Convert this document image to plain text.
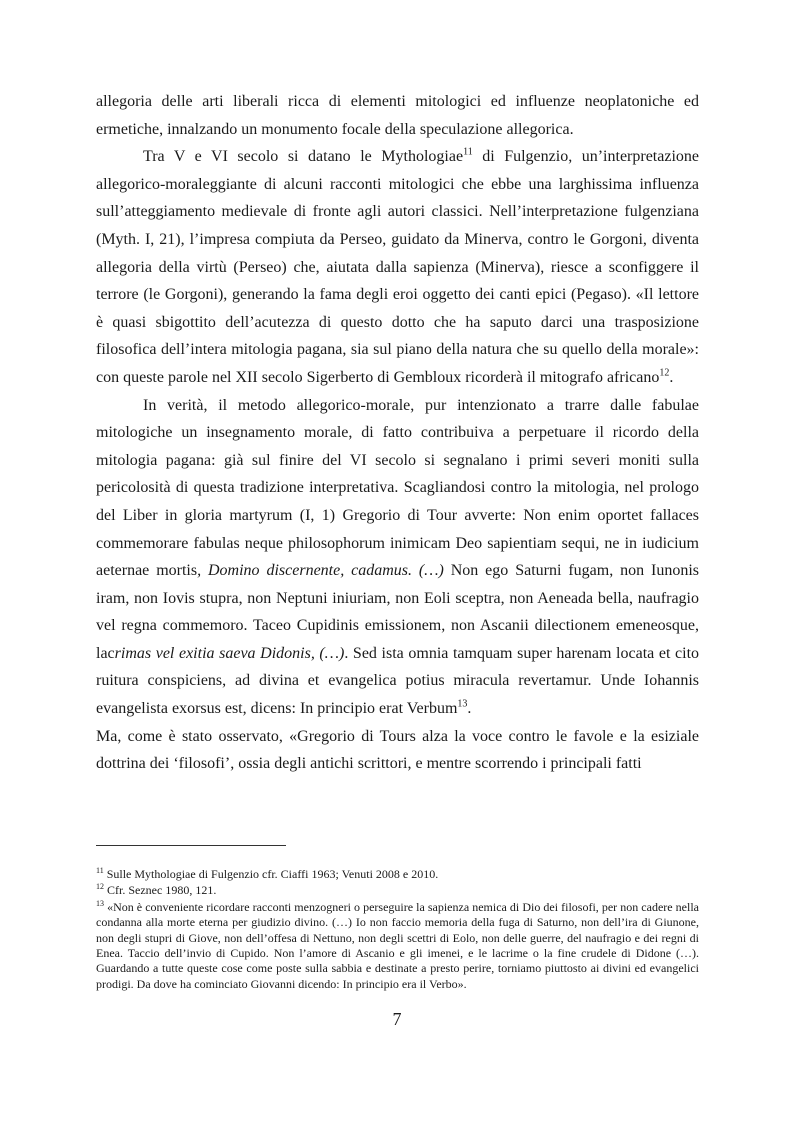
allegoria delle arti liberali ricca di elementi mitologici ed influenze neoplatoniche ed ermetiche, innalzando un monumento focale della speculazione allegorica.

Tra V e VI secolo si datano le Mythologiae$^{11}$ di Fulgenzio, un’interpretazione allegorico-moraleggiante di alcuni racconti mitologici che ebbe una larghissima influenza sull’atteggiamento medievale di fronte agli autori classici. Nell’interpretazione fulgenziana (Myth. I, 21), l’impresa compiuta da Perseo, guidato da Minerva, contro le Gorgoni, diventa allegoria della virtù (Perseo) che, aiutata dalla sapienza (Minerva), riesce a sconfiggere il terrore (le Gorgoni), generando la fama degli eroi oggetto dei canti epici (Pegaso). «Il lettore è quasi sbigottito dell’acutezza di questo dotto che ha saputo darci una trasposizione filosofica dell’intera mitologia pagana, sia sul piano della natura che su quello della morale»: con queste parole nel XII secolo Sigerberto di Gembloux ricorderà il mitografo africano$^{12}$.

In verità, il metodo allegorico-morale, pur intenzionato a trarre dalle fabulae mitologiche un insegnamento morale, di fatto contribuiva a perpetuare il ricordo della mitologia pagana: già sul finire del VI secolo si segnalano i primi severi moniti sulla pericolosità di questa tradizione interpretativa. Scagliandosi contro la mitologia, nel prologo del Liber in gloria martyrum (I, 1) Gregorio di Tour avverte: Non enim oportet fallaces commemorare fabulas neque philosophorum inimicam Deo sapientiam sequi, ne in iudicium aeternae mortis, Domino discernente, cadamus. (…) Non ego Saturni fugam, non Iunonis iram, non Iovis stupra, non Neptuni iniuriam, non Eoli sceptra, non Aeneada bella, naufragio vel regna commemoro. Taceo Cupidinis emissionem, non Ascanii dilectionem emeneosque, lacrimas vel exitia saeva Didonis, (…). Sed ista omnia tamquam super harenam locata et cito ruitura conspiciens, ad divina et evangelica potius miracula revertamur. Unde Iohannis evangelista exorsus est, dicens: In principio erat Verbum$^{13}$.

Ma, come è stato osservato, «Gregorio di Tours alza la voce contro le favole e la esiziale dottrina dei ‘filosofi’, ossia degli antichi scrittori, e mentre scorrendo i principali fatti

$^{11}$ Sulle Mythologiae di Fulgenzio cfr. Ciaffi 1963; Venuti 2008 e 2010.

$^{12}$ Cfr. Seznec 1980, 121.

$^{13}$ «Non è conveniente ricordare racconti menzogneri o perseguire la sapienza nemica di Dio dei filosofi, per non cadere nella condanna alla morte eterna per giudizio divino. (…) Io non faccio memoria della fuga di Saturno, non dell’ira di Giunone, non degli stupri di Giove, non dell’offesa di Nettuno, non degli scettri di Eolo, non delle guerre, del naufragio e dei regni di Enea. Taccio dell’invio di Cupido. Non l’amore di Ascanio e gli imenei, e le lacrime o la fine crudele di Didone (…). Guardando a tutte queste cose come poste sulla sabbia e destinate a presto perire, torniamo piuttosto ai divini ed evangelici prodigi. Da dove ha cominciato Giovanni dicendo: In principio era il Verbo».

7
